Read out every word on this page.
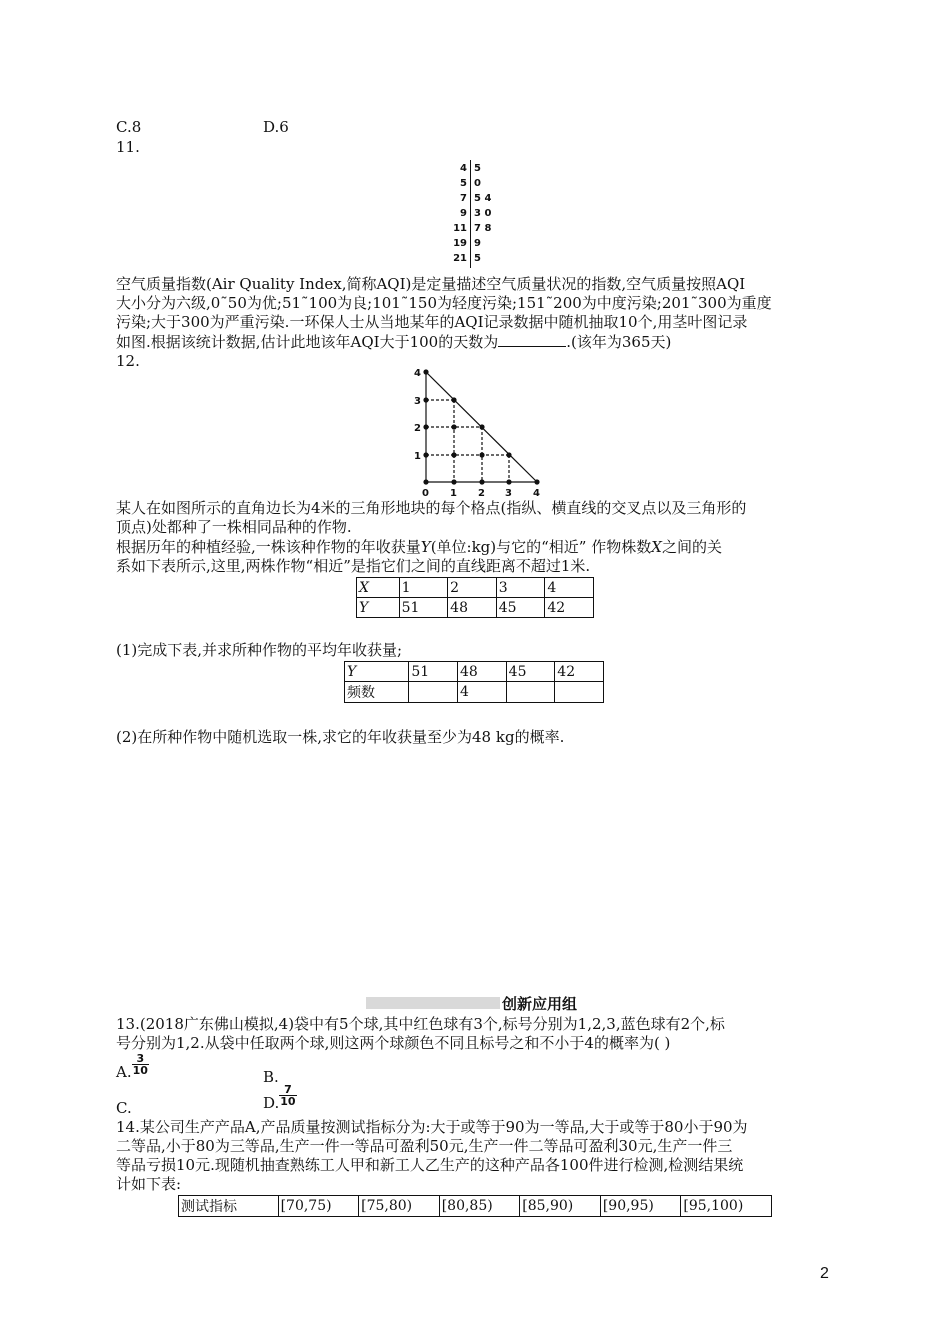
C.8	D.6
11.
4 5
5 0
7 5 4
9 3 0
11 7 8
19 9
21 5
空气质量指数(Air Quality Index,简称AQI)是定量描述空气质量状况的指数,空气质量按照AQI
大小分为六级,0˜50为优;51˜100为良;101˜150为轻度污染;151˜200为中度污染;201˜300为重度
污染;大于300为严重污染.一环保人士从当地某年的AQI记录数据中随机抽取10个,用茎叶图记录
如图.根据该统计数据,估计此地该年AQI大于100的天数为	.(该年为365天)
12.
4
3
2
1
0 1 2 3 4
某人在如图所示的直角边长为4米的三角形地块的每个格点(指纵、横直线的交叉点以及三角形的
顶点)处都种了一株相同品种的作物.
根据历年的种植经验,一株该种作物的年收获量Y(单位:kg)与它的“相近” 作物株数X之间的关
系如下表所示,这里,两株作物“相近”是指它们之间的直线距离不超过1米.
X	1	2	3	4
Y	51	48	45	42
(1)完成下表,并求所种作物的平均年收获量;
Y	51	48	45	42
频数		4		
(2)在所种作物中随机选取一株,求它的年收获量至少为48 kg的概率.
创新应用组
13.(2018广东佛山模拟,4)袋中有5个球,其中红色球有3个,标号分别为1,2,3,蓝色球有2个,标
号分别为1,2.从袋中任取两个球,则这两个球颜色不同且标号之和不小于4的概率为( )
A. $\frac{3}{10}$
B.
C.	D. $\frac{7}{10}$
14.某公司生产产品A,产品质量按测试指标分为:大于或等于90为一等品,大于或等于80小于90为
二等品,小于80为三等品,生产一件一等品可盈利50元,生产一件二等品可盈利30元,生产一件三
等品亏损10元.现随机抽查熟练工人甲和新工人乙生产的这种产品各100件进行检测,检测结果统
计如下表:
测试指标	[70,75)	[75,80)	[80,85)	[85,90)	[90,95)	[95,100)
2
